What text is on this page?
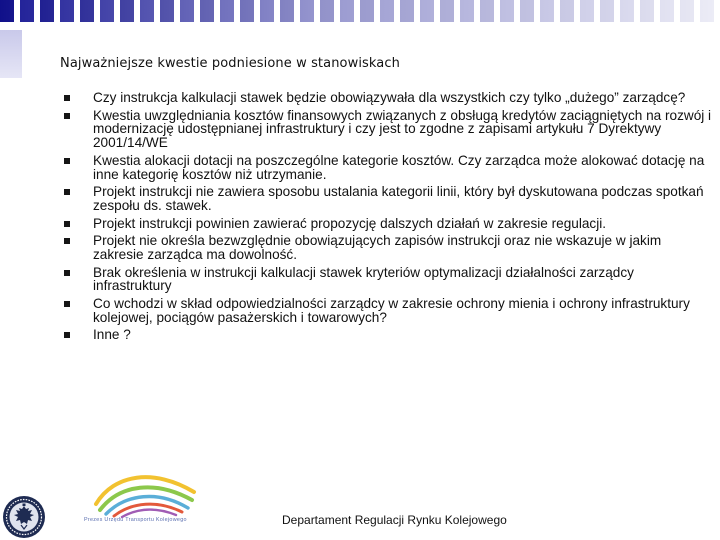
Najważniejsze kwestie podniesione w stanowiskach
Czy instrukcja kalkulacji stawek będzie obowiązywała dla wszystkich czy tylko „dużego” zarządcę?
Kwestia uwzględniania kosztów finansowych związanych z obsługą kredytów zaciągniętych na rozwój i modernizację udostępnianej infrastruktury i czy jest to zgodne z zapisami artykułu 7 Dyrektywy 2001/14/WE
Kwestia alokacji dotacji na poszczególne kategorie kosztów. Czy zarządca może alokować dotację na inne kategorię kosztów niż utrzymanie.
Projekt instrukcji nie zawiera sposobu ustalania kategorii linii, który był dyskutowana podczas spotkań zespołu ds. stawek.
Projekt instrukcji powinien zawierać propozycję dalszych działań w zakresie regulacji.
Projekt nie określa bezwzględnie obowiązujących zapisów instrukcji oraz nie wskazuje w jakim zakresie zarządca ma dowolność.
Brak określenia w instrukcji kalkulacji stawek kryteriów optymalizacji działalności zarządcy infrastruktury
Co wchodzi w skład odpowiedzialności zarządcy w zakresie ochrony mienia i ochrony infrastruktury kolejowej, pociągów pasażerskich i towarowych?
Inne ?
Prezes Urzędu Transportu Kolejowego	Departament Regulacji Rynku Kolejowego
